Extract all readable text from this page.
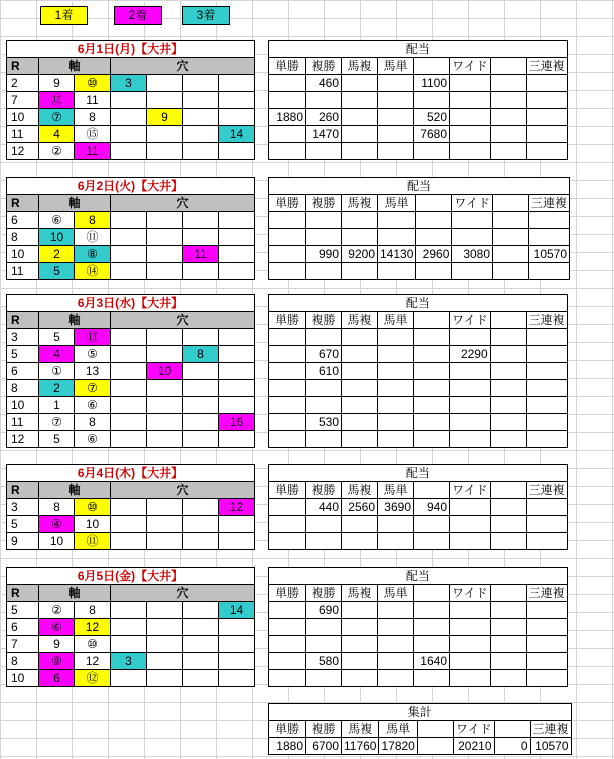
1着	2着	3着
6月1日(月)【大井】						
R	軸		穴			
2	9	⑩	3			
7	⑫	11				
10	⑦	8		9		
11	4	⑮				14
12	②	11				
配当							
単勝	複勝	馬複	馬単		ワイド		三連複
	460			1100			

1880	260			520			
	1470			7680			

6月2日(火)【大井】						
R	軸		穴			
6	⑥	8				
8	10	⑪				
10	2	⑧			11	
11	5	⑭				
配当							
単勝	複勝	馬複	馬単		ワイド		三連複

	990	9200	14130	2960	3080		10570

6月3日(水)【大井】						
R	軸		穴			
3	5	⑬				
5	4	⑤			8	
6	①	13		10		
8	2	⑦				
10	1	⑥				
11	⑦	8				16
12	5	⑥				
配当							
単勝	複勝	馬複	馬単		ワイド		三連複

	670				2290		
	610						

	530						

6月4日(木)【大井】						
R	軸		穴			
3	8	⑩				12
5	④	10				
9	10	⑪				
配当							
単勝	複勝	馬複	馬単		ワイド		三連複
	440	2560	3690	940			

6月5日(金)【大井】						
R	軸		穴			
5	②	8				14
6	⑥	12				
7	9	⑩				
8	⑧	12	3			
10	6	⑫				
配当							
単勝	複勝	馬複	馬単		ワイド		三連複
	690						

	580			1640			

集計							
単勝	複勝	馬複	馬単		ワイド		三連複
1880	6700	11760	17820		20210	0	10570
